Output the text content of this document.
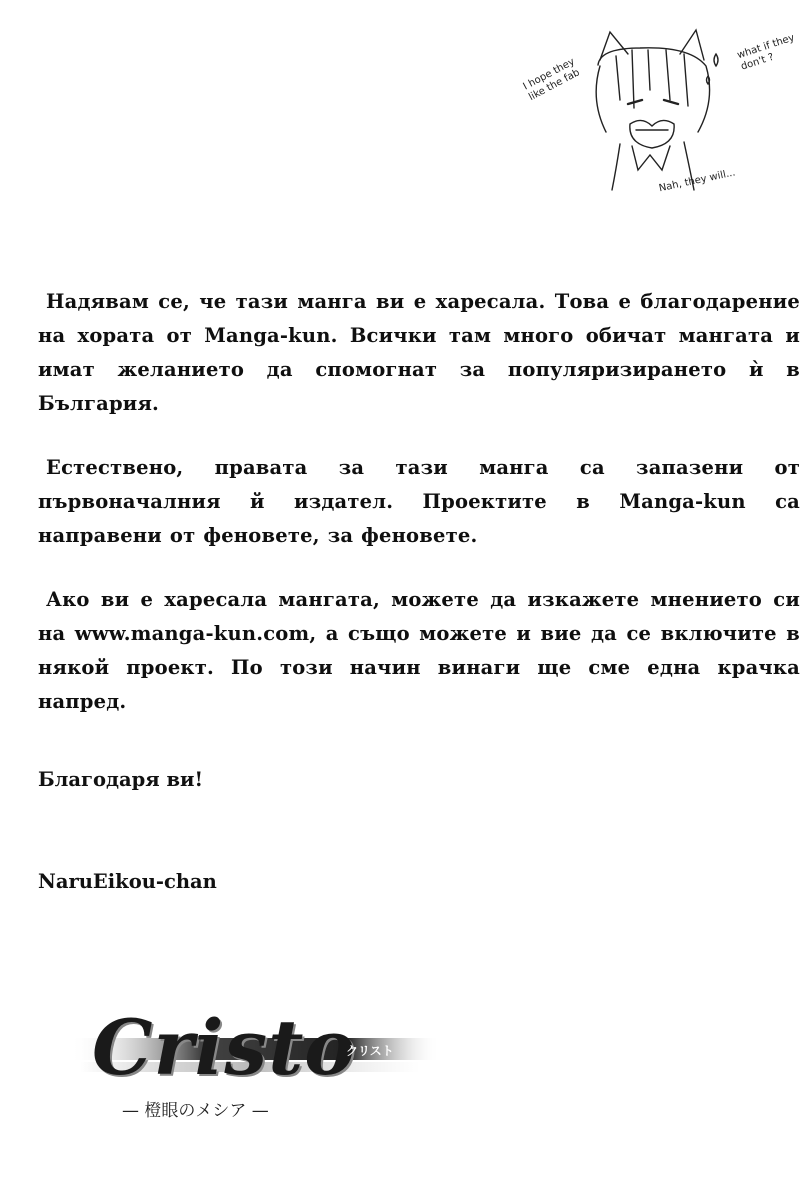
I hope they like the fab
what if they don't ?
Nah, they will...

Надявам се, че тази манга ви е харесала. Това е благодарение на хората от Manga-kun. Всички там много обичат мангата и имат желанието да спомогнат за популяризирането ѝ в България.

Естествено, правата за тази манга са запазени от първоначалния й издател. Проектите в Manga-kun са направени от феновете, за феновете.

Ако ви е харесала мангата, можете да изкажете мнението си на www.manga-kun.com, а също можете и вие да се включите в някой проект. По този начин винаги ще сме една крачка напред.

Благодаря ви!
NaruEikou-chan
Cristo
クリスト
— 橙眼のメシア —
